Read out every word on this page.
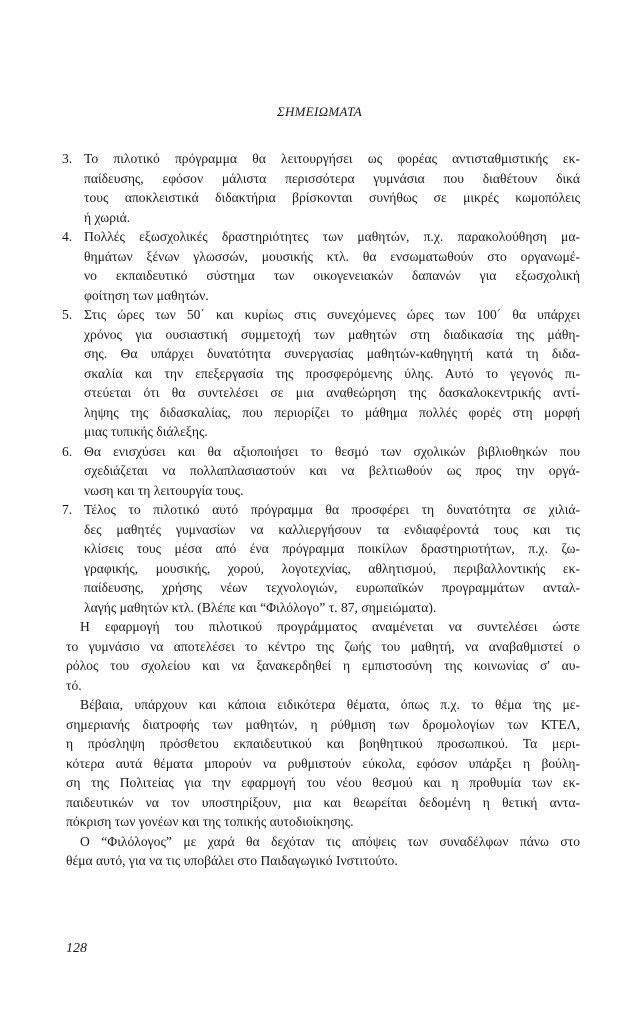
ΣΗΜΕΙΩΜΑΤΑ
3. Το πιλοτικό πρόγραμμα θα λειτουργήσει ως φορέας αντισταθμιστικής εκ-
παίδευσης, εφόσον μάλιστα περισσότερα γυμνάσια που διαθέτουν δικά
τους αποκλειστικά διδακτήρια βρίσκονται συνήθως σε μικρές κωμοπόλεις
ή χωριά.
4. Πολλές εξωσχολικές δραστηριότητες των μαθητών, π.χ. παρακολούθηση μα-
θημάτων ξένων γλωσσών, μουσικής κτλ. θα ενσωματωθούν στο οργανωμέ-
νο εκπαιδευτικό σύστημα των οικογενειακών δαπανών για εξωσχολική
φοίτηση των μαθητών.
5. Στις ώρες των 50΄ και κυρίως στις συνεχόμενες ώρες των 100΄ θα υπάρχει
χρόνος για ουσιαστική συμμετοχή των μαθητών στη διαδικασία της μάθη-
σης. Θα υπάρχει δυνατότητα συνεργασίας μαθητών-καθηγητή κατά τη διδα-
σκαλία και την επεξεργασία της προσφερόμενης ύλης. Αυτό το γεγονός πι-
στεύεται ότι θα συντελέσει σε μια αναθεώρηση της δασκαλοκεντρικής αντί-
ληψης της διδασκαλίας, που περιορίζει το μάθημα πολλές φορές στη μορφή
μιας τυπικής διάλεξης.
6. Θα ενισχύσει και θα αξιοποιήσει το θεσμό των σχολικών βιβλιοθηκών που
σχεδιάζεται να πολλαπλασιαστούν και να βελτιωθούν ως προς την οργά-
νωση και τη λειτουργία τους.
7. Τέλος το πιλοτικό αυτό πρόγραμμα θα προσφέρει τη δυνατότητα σε χιλιά-
δες μαθητές γυμνασίων να καλλιεργήσουν τα ενδιαφέροντά τους και τις
κλίσεις τους μέσα από ένα πρόγραμμα ποικίλων δραστηριοτήτων, π.χ. ζω-
γραφικής, μουσικής, χορού, λογοτεχνίας, αθλητισμού, περιβαλλοντικής εκ-
παίδευσης, χρήσης νέων τεχνολογιών, ευρωπαϊκών προγραμμάτων ανταλ-
λαγής μαθητών κτλ. (Βλέπε και “Φιλόλογο” τ. 87, σημειώματα).
Η εφαρμογή του πιλοτικού προγράμματος αναμένεται να συντελέσει ώστε
το γυμνάσιο να αποτελέσει το κέντρο της ζωής του μαθητή, να αναβαθμιστεί ο
ρόλος του σχολείου και να ξανακερδηθεί η εμπιστοσύνη της κοινωνίας σ' αυ-
τό.
Βέβαια, υπάρχουν και κάποια ειδικότερα θέματα, όπως π.χ. το θέμα της με-
σημεριανής διατροφής των μαθητών, η ρύθμιση των δρομολογίων των ΚΤΕΛ,
η πρόσληψη πρόσθετου εκπαιδευτικού και βοηθητικού προσωπικού. Τα μερι-
κότερα αυτά θέματα μπορούν να ρυθμιστούν εύκολα, εφόσον υπάρξει η βούλη-
ση της Πολιτείας για την εφαρμογή του νέου θεσμού και η προθυμία των εκ-
παιδευτικών να τον υποστηρίξουν, μια και θεωρείται δεδομένη η θετική αντα-
πόκριση των γονέων και της τοπικής αυτοδιοίκησης.
Ο “Φιλόλογος” με χαρά θα δεχόταν τις απόψεις των συναδέλφων πάνω στο
θέμα αυτό, για να τις υποβάλει στο Παιδαγωγικό Ινστιτούτο.
128
